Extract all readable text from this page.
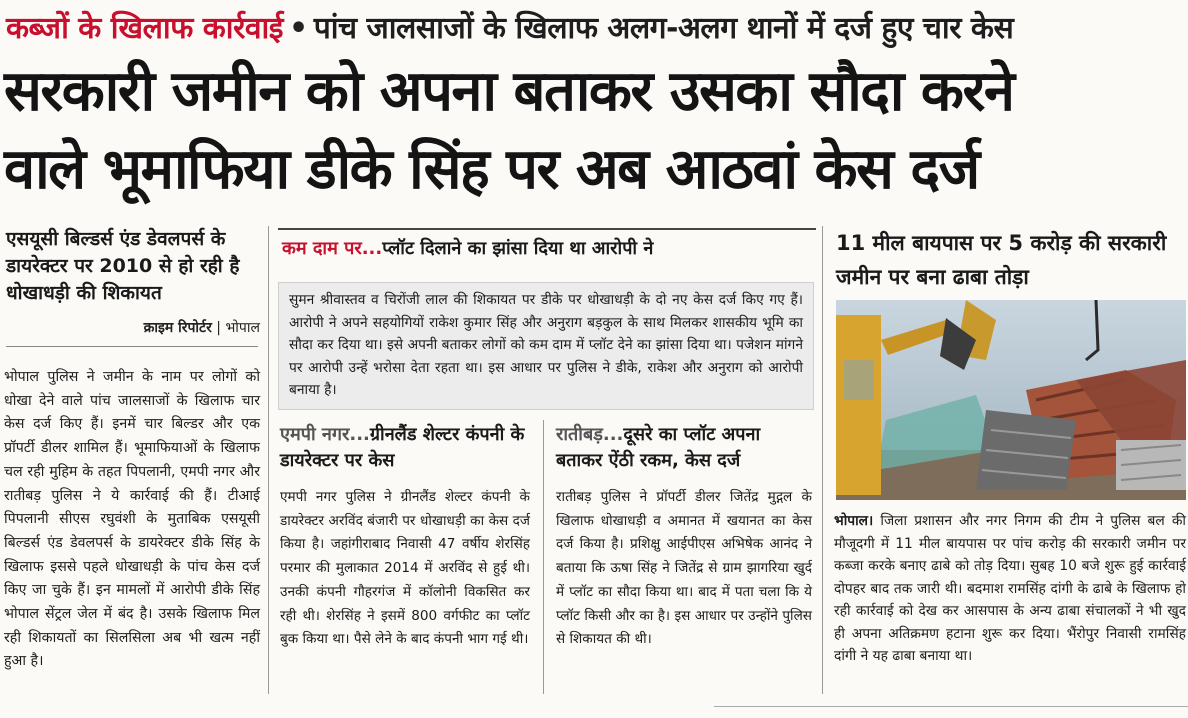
कब्जों के खिलाफ कार्रवाई • पांच जालसाजों के खिलाफ अलग-अलग थानों में दर्ज हुए चार केस
सरकारी जमीन को अपना बताकर उसका सौदा करने
वाले भूमाफिया डीके सिंह पर अब आठवां केस दर्ज
एसयूसी बिल्डर्स एंड डेवलपर्स के डायरेक्टर पर 2010 से हो रही है धोखाधड़ी की शिकायत
क्राइम रिपोर्टर | भोपाल
भोपाल पुलिस ने जमीन के नाम पर लोगों को धोखा देने वाले पांच जालसाजों के खिलाफ चार केस दर्ज किए हैं। इनमें चार बिल्डर और एक प्रॉपर्टी डीलर शामिल हैं। भूमाफियाओं के खिलाफ चल रही मुहिम के तहत पिपलानी, एमपी नगर और रातीबड़ पुलिस ने ये कार्रवाई की हैं। टीआई पिपलानी सीएस रघुवंशी के मुताबिक एसयूसी बिल्डर्स एंड डेवलपर्स के डायरेक्टर डीके सिंह के खिलाफ इससे पहले धोखाधड़ी के पांच केस दर्ज किए जा चुके हैं। इन मामलों में आरोपी डीके सिंह भोपाल सेंट्रल जेल में बंद है। उसके खिलाफ मिल रही शिकायतों का सिलसिला अब भी खत्म नहीं हुआ है।
कम दाम पर...प्लॉट दिलाने का झांसा दिया था आरोपी ने
सुमन श्रीवास्तव व चिरोंजी लाल की शिकायत पर डीके पर धोखाधड़ी के दो नए केस दर्ज किए गए हैं। आरोपी ने अपने सहयोगियों राकेश कुमार सिंह और अनुराग बड़कुल के साथ मिलकर शासकीय भूमि का सौदा कर दिया था। इसे अपनी बताकर लोगों को कम दाम में प्लॉट देने का झांसा दिया था। पजेशन मांगने पर आरोपी उन्हें भरोसा देता रहता था। इस आधार पर पुलिस ने डीके, राकेश और अनुराग को आरोपी बनाया है।
एमपी नगर...ग्रीनलैंड शेल्टर कंपनी के डायरेक्टर पर केस
एमपी नगर पुलिस ने ग्रीनलैंड शेल्टर कंपनी के डायरेक्टर अरविंद बंजारी पर धोखाधड़ी का केस दर्ज किया है। जहांगीराबाद निवासी 47 वर्षीय शेरसिंह परमार की मुलाकात 2014 में अरविंद से हुई थी। उनकी कंपनी गौहरगंज में कॉलोनी विकसित कर रही थी। शेरसिंह ने इसमें 800 वर्गफीट का प्लॉट बुक किया था। पैसे लेने के बाद कंपनी भाग गई थी।
रातीबड़...दूसरे का प्लॉट अपना बताकर ऐंठी रकम, केस दर्ज
रातीबड़ पुलिस ने प्रॉपर्टी डीलर जितेंद्र मुद्गल के खिलाफ धोखाधड़ी व अमानत में खयानत का केस दर्ज किया है। प्रशिक्षु आईपीएस अभिषेक आनंद ने बताया कि ऊषा सिंह ने जितेंद्र से ग्राम झागरिया खुर्द में प्लॉट का सौदा किया था। बाद में पता चला कि ये प्लॉट किसी और का है। इस आधार पर उन्होंने पुलिस से शिकायत की थी।
11 मील बायपास पर 5 करोड़ की सरकारी जमीन पर बना ढाबा तोड़ा
भोपाल। जिला प्रशासन और नगर निगम की टीम ने पुलिस बल की मौजूदगी में 11 मील बायपास पर पांच करोड़ की सरकारी जमीन पर कब्जा करके बनाए ढाबे को तोड़ दिया। सुबह 10 बजे शुरू हुई कार्रवाई दोपहर बाद तक जारी थी। बदमाश रामसिंह दांगी के ढाबे के खिलाफ हो रही कार्रवाई को देख कर आसपास के अन्य ढाबा संचालकों ने भी खुद ही अपना अतिक्रमण हटाना शुरू कर दिया। भैंरोपुर निवासी रामसिंह दांगी ने यह ढाबा बनाया था।
